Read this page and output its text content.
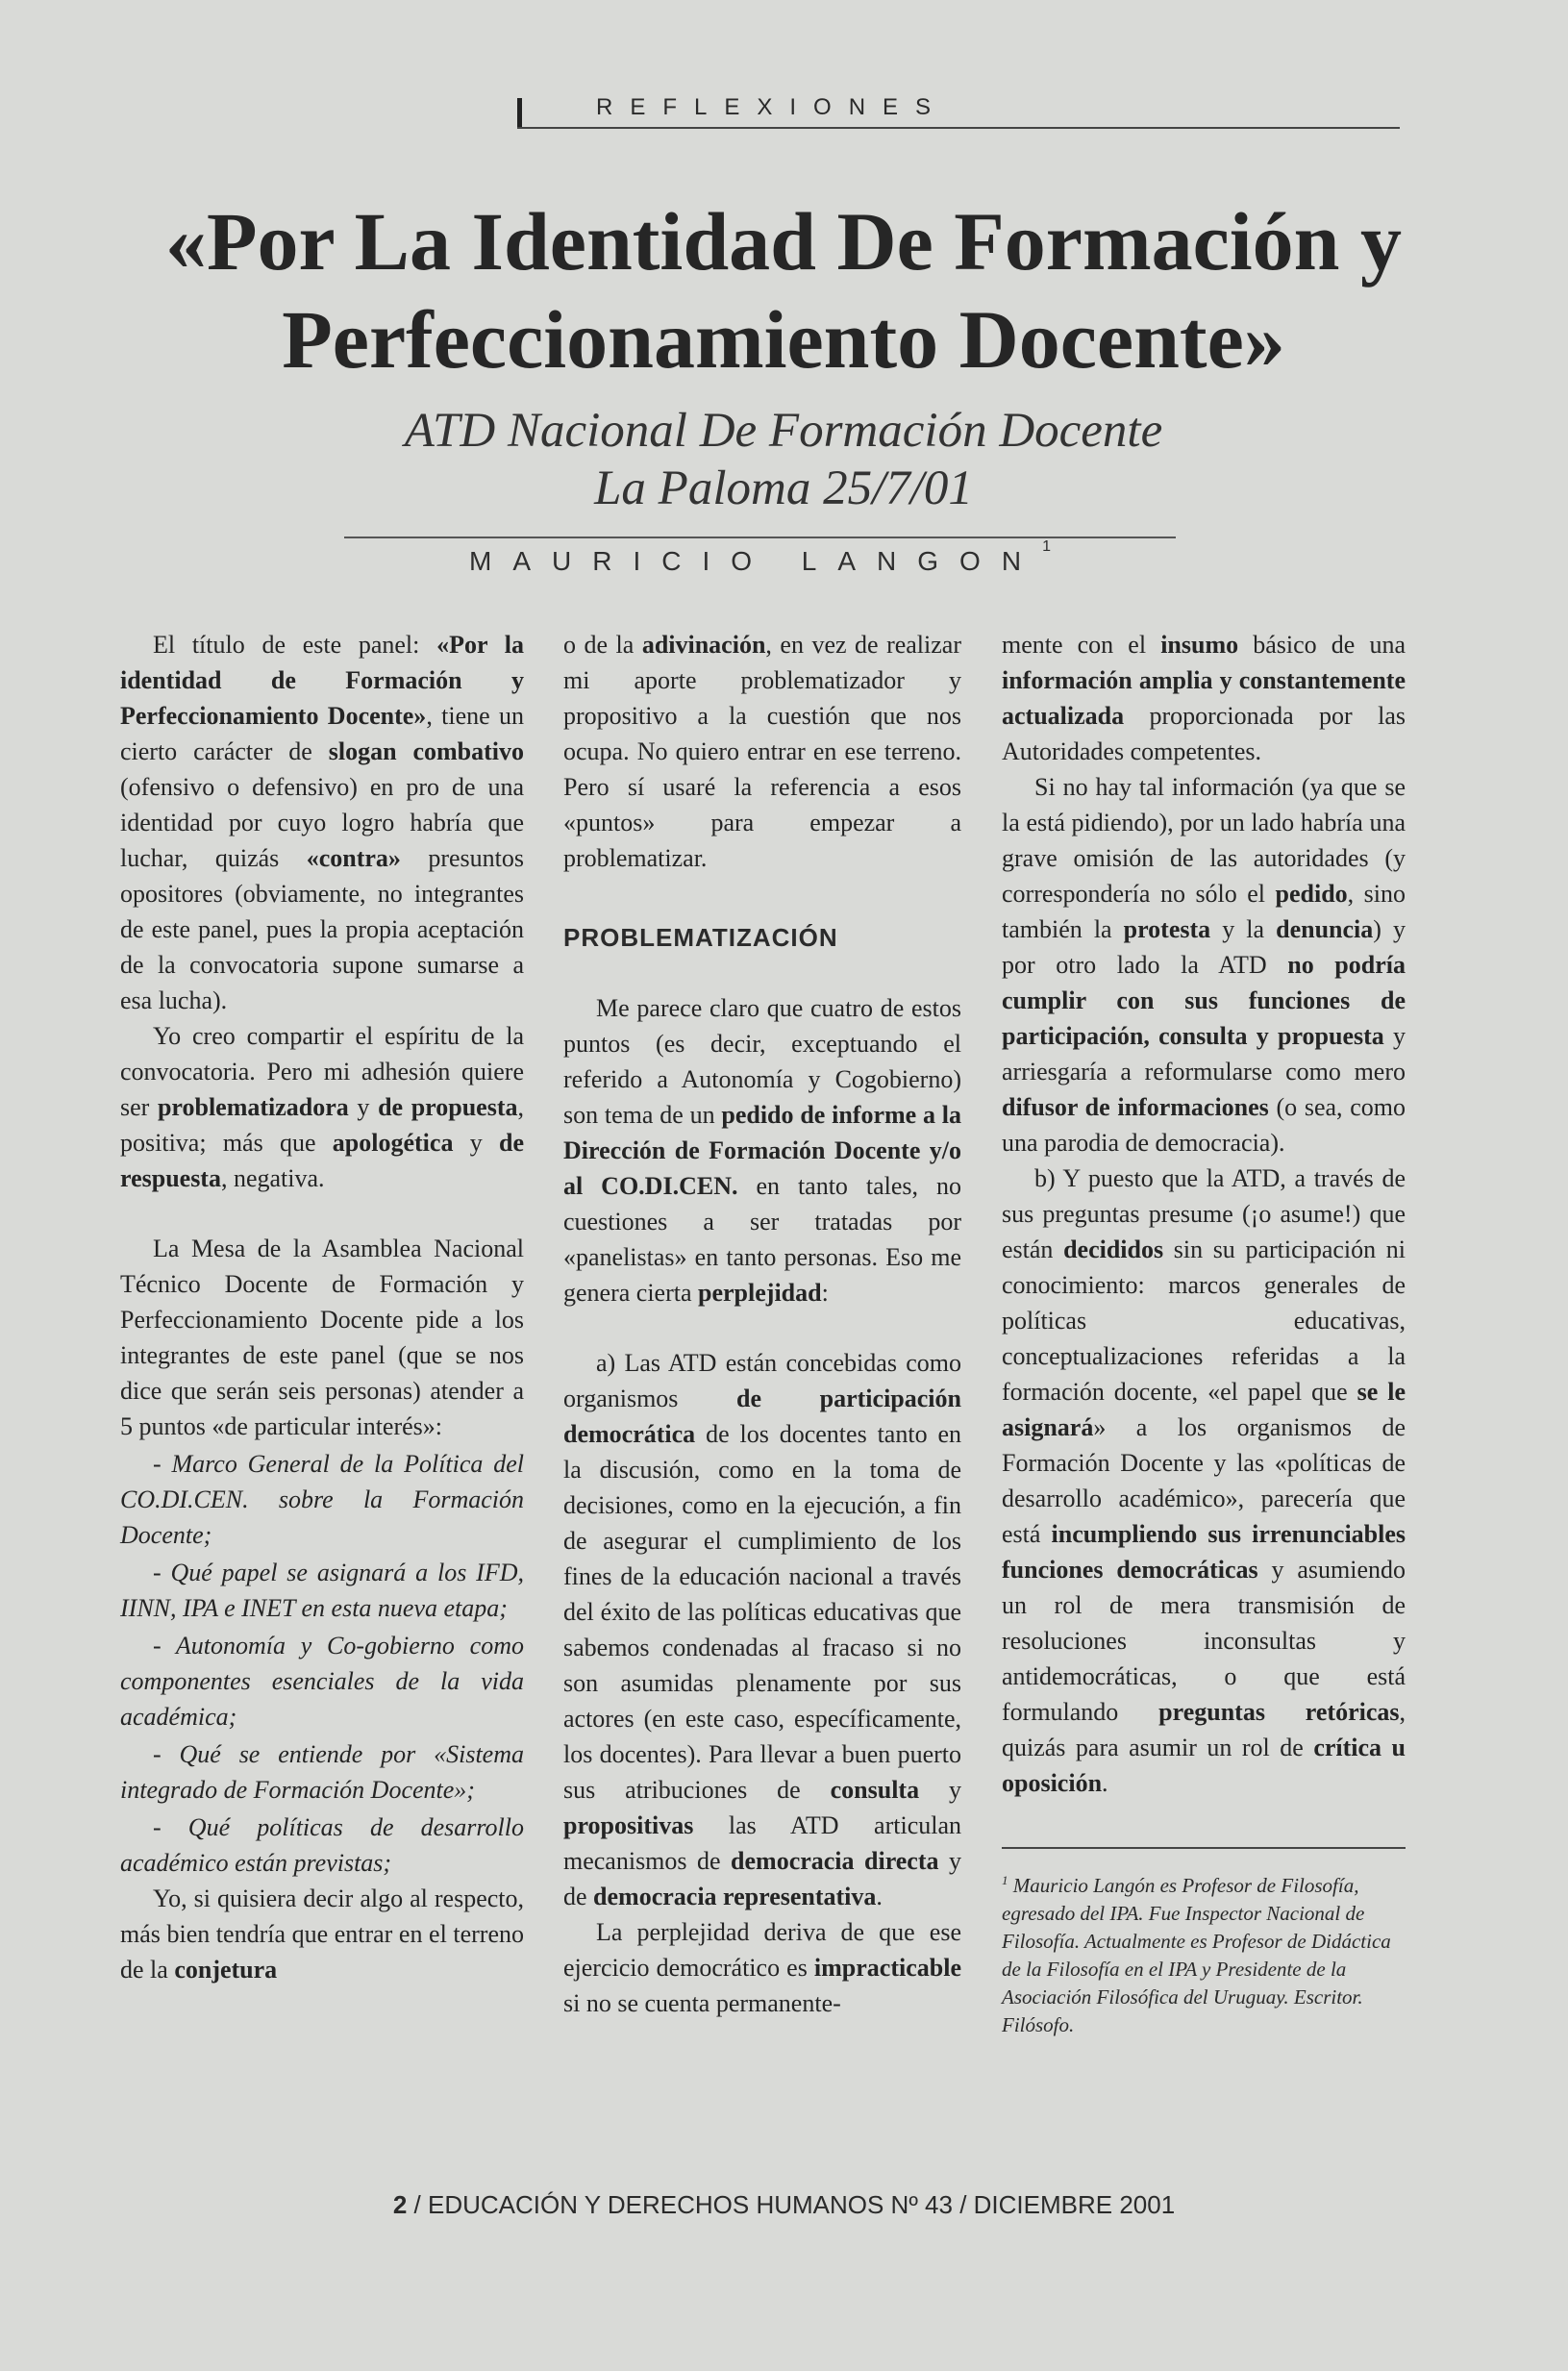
REFLEXIONES
«Por La Identidad De Formación y Perfeccionamiento Docente»
ATD Nacional De Formación Docente
La Paloma 25/7/01
MAURICIO LANGON1

El título de este panel: «Por la identidad de Formación y Perfeccionamiento Docente», tiene un cierto carácter de slogan combativo (ofensivo o defensivo) en pro de una identidad por cuyo logro habría que luchar, quizás «contra» presuntos opositores (obviamente, no integrantes de este panel, pues la propia aceptación de la convocatoria supone sumarse a esa lucha).

Yo creo compartir el espíritu de la convocatoria. Pero mi adhesión quiere ser problematizadora y de propuesta, positiva; más que apologética y de respuesta, negativa.

La Mesa de la Asamblea Nacional Técnico Docente de Formación y Perfeccionamiento Docente pide a los integrantes de este panel (que se nos dice que serán seis personas) atender a 5 puntos «de particular interés»:

- Marco General de la Política del CO.DI.CEN. sobre la Formación Docente;

- Qué papel se asignará a los IFD, IINN, IPA e INET en esta nueva etapa;

- Autonomía y Co-gobierno como componentes esenciales de la vida académica;

- Qué se entiende por «Sistema integrado de Formación Docente»;

- Qué políticas de desarrollo académico están previstas;

Yo, si quisiera decir algo al respecto, más bien tendría que entrar en el terreno de la conjetura

o de la adivinación, en vez de realizar mi aporte problematizador y propositivo a la cuestión que nos ocupa. No quiero entrar en ese terreno. Pero sí usaré la referencia a esos «puntos» para empezar a problematizar.

PROBLEMATIZACIÓN

Me parece claro que cuatro de estos puntos (es decir, exceptuando el referido a Autonomía y Cogobierno) son tema de un pedido de informe a la Dirección de Formación Docente y/o al CO.DI.CEN. en tanto tales, no cuestiones a ser tratadas por «panelistas» en tanto personas. Eso me genera cierta perplejidad:

a) Las ATD están concebidas como organismos de participación democrática de los docentes tanto en la discusión, como en la toma de decisiones, como en la ejecución, a fin de asegurar el cumplimiento de los fines de la educación nacional a través del éxito de las políticas educativas que sabemos condenadas al fracaso si no son asumidas plenamente por sus actores (en este caso, específicamente, los docentes). Para llevar a buen puerto sus atribuciones de consulta y propositivas las ATD articulan mecanismos de democracia directa y de democracia representativa.

La perplejidad deriva de que ese ejercicio democrático es impracticable si no se cuenta permanente-

mente con el insumo básico de una información amplia y constantemente actualizada proporcionada por las Autoridades competentes.

Si no hay tal información (ya que se la está pidiendo), por un lado habría una grave omisión de las autoridades (y correspondería no sólo el pedido, sino también la protesta y la denuncia) y por otro lado la ATD no podría cumplir con sus funciones de participación, consulta y propuesta y arriesgaría a reformularse como mero difusor de informaciones (o sea, como una parodia de democracia).

b) Y puesto que la ATD, a través de sus preguntas presume (¡o asume!) que están decididos sin su participación ni conocimiento: marcos generales de políticas educativas, conceptualizaciones referidas a la formación docente, «el papel que se le asignará» a los organismos de Formación Docente y las «políticas de desarrollo académico», parecería que está incumpliendo sus irrenunciables funciones democráticas y asumiendo un rol de mera transmisión de resoluciones inconsultas y antidemocráticas, o que está formulando preguntas retóricas, quizás para asumir un rol de crítica u oposición.

$^1$ Mauricio Langón es Profesor de Filosofía, egresado del IPA. Fue Inspector Nacional de Filosofía. Actualmente es Profesor de Didáctica de la Filosofía en el IPA y Presidente de la Asociación Filosófica del Uruguay. Escritor. Filósofo.
2 / EDUCACIÓN Y DERECHOS HUMANOS Nº 43 / DICIEMBRE 2001
